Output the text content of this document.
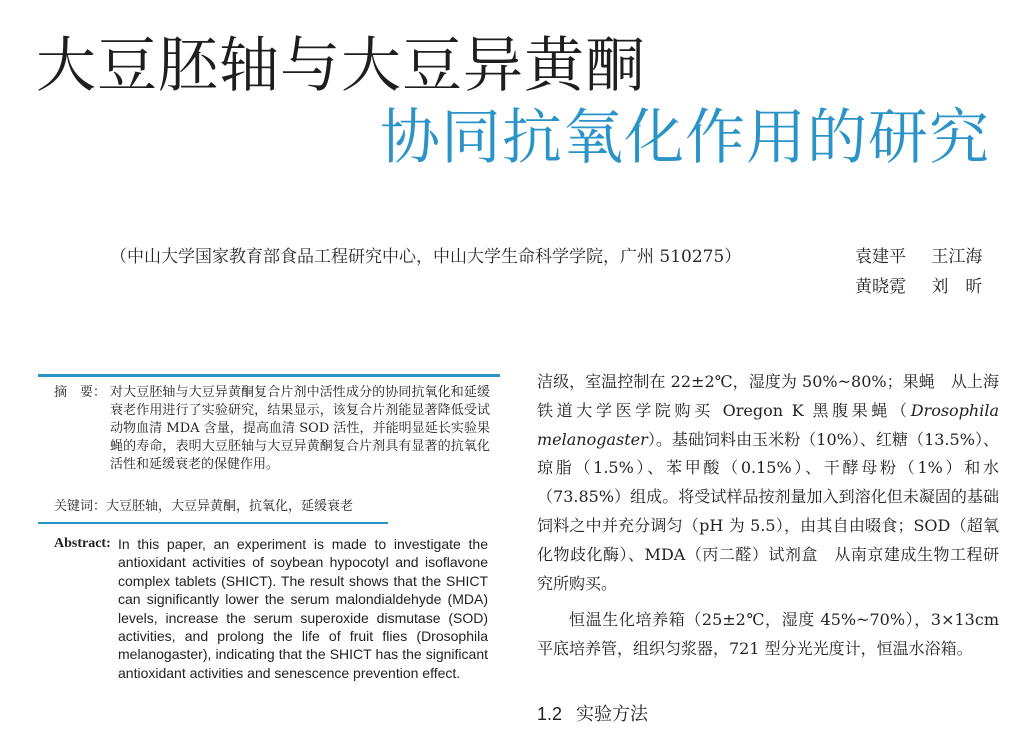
大豆胚轴与大豆异黄酮
协同抗氧化作用的研究
（中山大学国家教育部食品工程研究中心，中山大学生命科学学院，广州 510275）	袁建平 王江海
黄晓霓 刘　昕
摘　要： 对大豆胚轴与大豆异黄酮复合片剂中活性成分的协同抗氧化和延缓衰老作用进行了实验研究，结果显示，该复合片剂能显著降低受试动物血清 MDA 含量，提高血清 SOD 活性，并能明显延长实验果蝇的寿命，表明大豆胚轴与大豆异黄酮复合片剂具有显著的抗氧化活性和延缓衰老的保健作用。
关键词：大豆胚轴，大豆异黄酮，抗氧化，延缓衰老
Abstract: In this paper, an experiment is made to investigate the antioxidant activities of soybean hypocotyl and isoflavone complex tablets (SHICT). The result shows that the SHICT can significantly lower the serum malondialdehyde (MDA) levels, increase the serum superoxide dismutase (SOD) activities, and prolong the life of fruit flies (Drosophila melanogaster), indicating that the SHICT has the significant antioxidant activities and senescence prevention effect.

洁级，室温控制在 22±2℃，湿度为 50%~80%；果蝇　从上海铁道大学医学院购买 Oregon K 黑腹果蝇（Drosophila melanogaster）。基础饲料由玉米粉（10%）、红糖（13.5%）、琼脂（1.5%）、苯甲酸（0.15%）、干酵母粉（1%）和水（73.85%）组成。将受试样品按剂量加入到溶化但未凝固的基础饲料之中并充分调匀（pH 为 5.5），由其自由啜食；SOD（超氧化物歧化酶）、MDA（丙二醛）试剂盒　从南京建成生物工程研究所购买。

恒温生化培养箱（25±2℃，湿度 45%~70%），3×13cm 平底培养管，组织匀浆器，721 型分光光度计，恒温水浴箱。

1.2 实验方法
